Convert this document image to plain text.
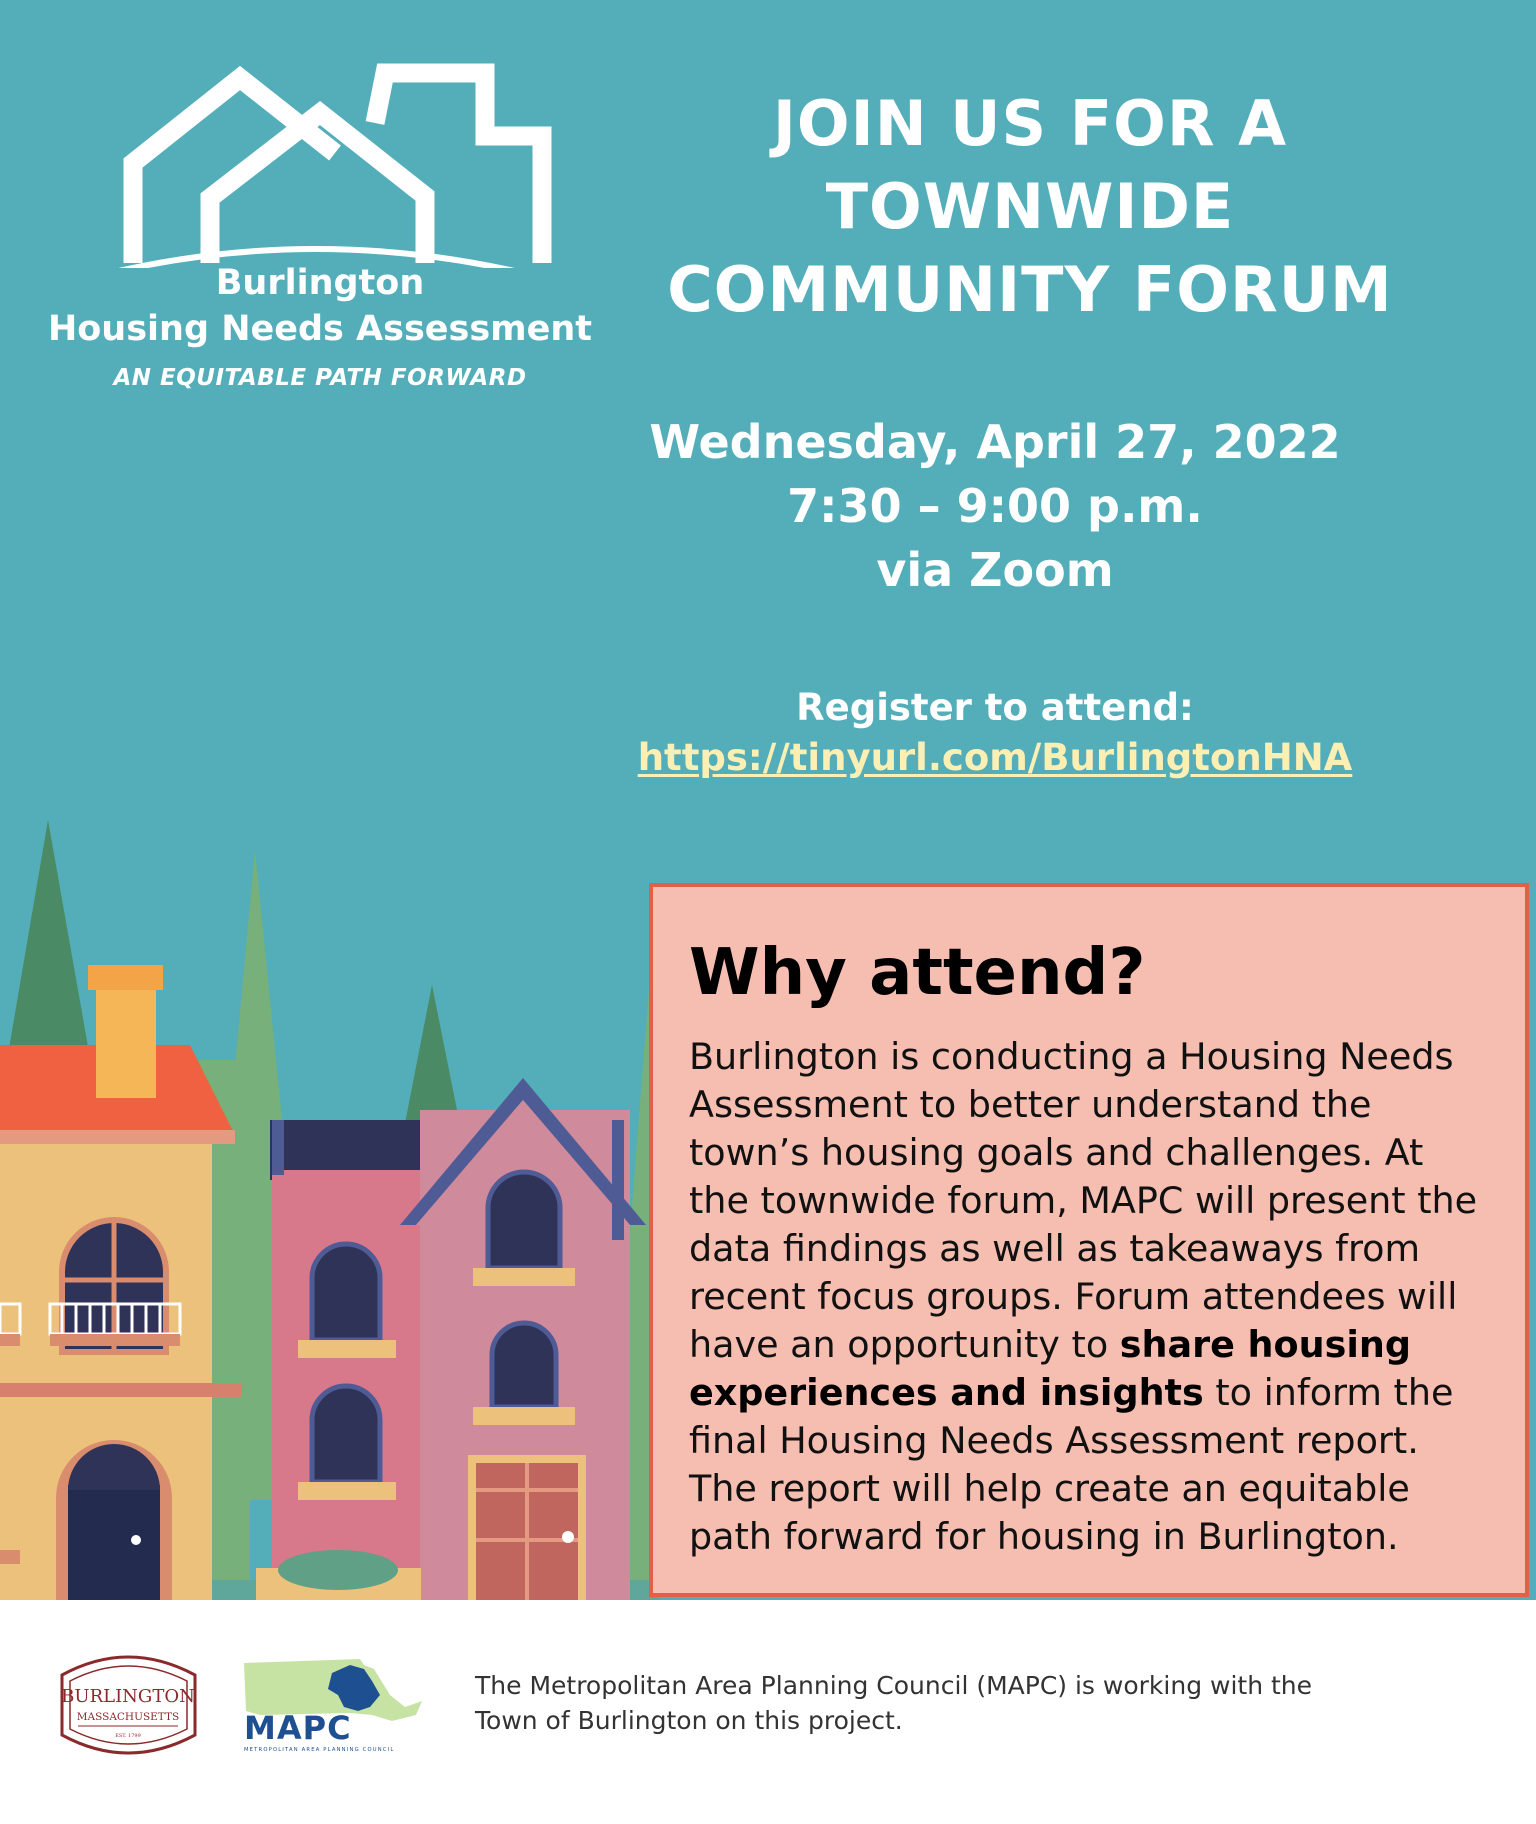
Burlington
Housing Needs Assessment
AN EQUITABLE PATH FORWARD
JOIN US FOR A
TOWNWIDE
COMMUNITY FORUM
Wednesday, April 27, 2022
7:30 – 9:00 p.m.
via Zoom
Register to attend:
https://tinyurl.com/BurlingtonHNA
Why attend?
Burlington is conducting a Housing Needs Assessment to better understand the town’s housing goals and challenges. At the townwide forum, MAPC will present the data findings as well as takeaways from recent focus groups. Forum attendees will have an opportunity to share housing experiences and insights to inform the final Housing Needs Assessment report. The report will help create an equitable path forward for housing in Burlington.
BURLINGTON
MASSACHUSETTS
EST. 1799	MAPC
METROPOLITAN AREA PLANNING COUNCIL
The Metropolitan Area Planning Council (MAPC) is working with the
Town of Burlington on this project.
